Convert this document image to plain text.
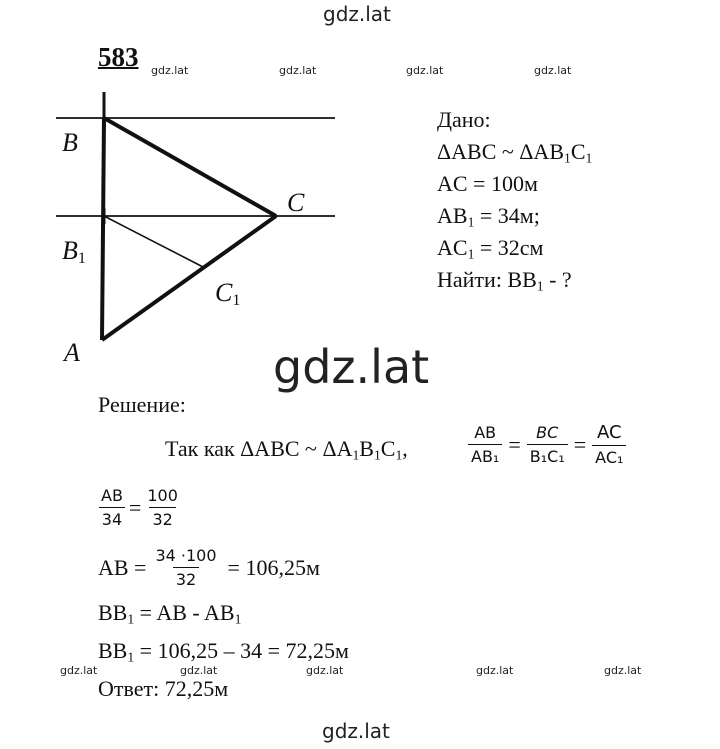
gdz.lat
gdz.lat
gdz.lat
gdz.lat	gdz.lat	gdz.lat	gdz.lat
gdz.lat	gdz.lat	gdz.lat	gdz.lat	gdz.lat
583
B
$B_1$
A
C
$C_1$
Дано:
ΔABC ~ $\Delta AB_1C_1$
AC = 100м
$AB_1 = 34м$;
$AC_1 = 32см$
Найти: $BB_1$ - ?
Решение:
Так как ΔABC ~ $\Delta A_1B_1C_1$,	$\frac{AB}{\text{AB₁}} = \frac{BC}{\text{B₁C₁}} = \frac{AC}{\text{AC₁}}$
$\frac{AB}{34} = \frac{100}{32}$
AB = $\frac{34 \cdot 100}{32} = 106,25м$
$BB_1$ = AB - $AB_1$
$BB_1 = 106,25 - 34 = 72,25м$
Ответ: 72,25м
